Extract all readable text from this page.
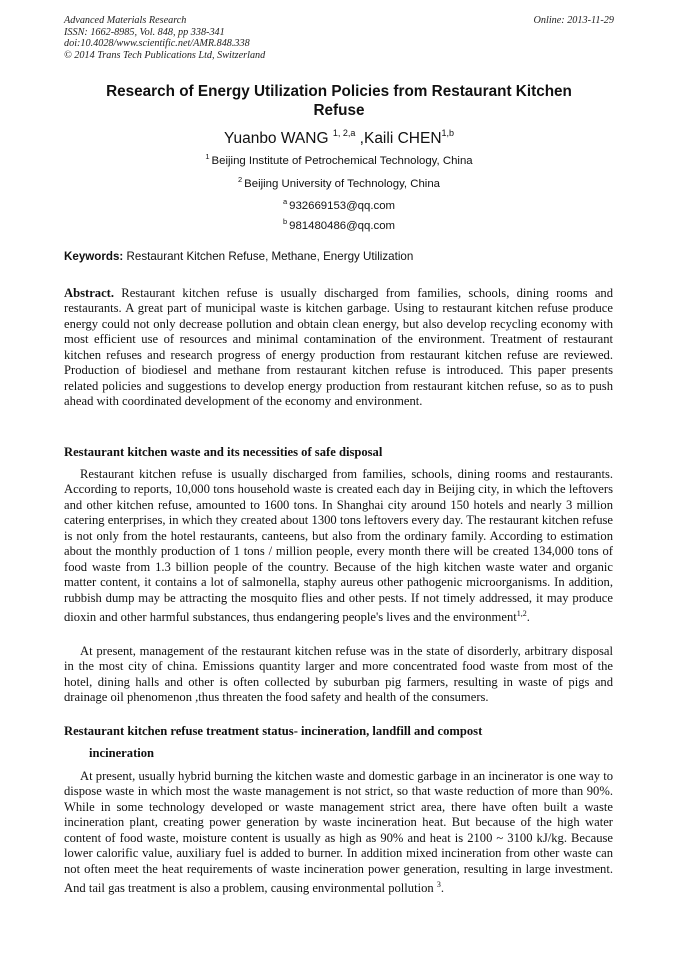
Advanced Materials Research
ISSN: 1662-8985, Vol. 848, pp 338-341
doi:10.4028/www.scientific.net/AMR.848.338
© 2014 Trans Tech Publications Ltd, Switzerland
Online: 2013-11-29
Research of Energy Utilization Policies from Restaurant Kitchen
Refuse
Yuanbo WANG $^{1, 2,a}$ ,Kaili CHEN$^{1,b}$
$^1$ Beijing Institute of Petrochemical Technology, China
$^2$ Beijing University of Technology, China
$^a$ 932669153@qq.com
$^b$ 981480486@qq.com
Keywords: Restaurant Kitchen Refuse, Methane, Energy Utilization
Abstract. Restaurant kitchen refuse is usually discharged from families, schools, dining rooms and restaurants. A great part of municipal waste is kitchen garbage. Using to restaurant kitchen refuse produce energy could not only decrease pollution and obtain clean energy, but also develop recycling economy with most efficient use of resources and minimal contamination of the environment. Treatment of restaurant kitchen refuses and research progress of energy production from restaurant kitchen refuse are reviewed. Production of biodiesel and methane from restaurant kitchen refuse is introduced. This paper presents related policies and suggestions to develop energy production from restaurant kitchen refuse, so as to push ahead with coordinated development of the economy and environment.
Restaurant kitchen waste and its necessities of safe disposal
Restaurant kitchen refuse is usually discharged from families, schools, dining rooms and restaurants. According to reports, 10,000 tons household waste is created each day in Beijing city, in which the leftovers and other kitchen refuse, amounted to 1600 tons. In Shanghai city around 150 hotels and nearly 3 million catering enterprises, in which they created about 1300 tons leftovers every day. The restaurant kitchen refuse is not only from the hotel restaurants, canteens, but also from the ordinary family. According to estimation about the monthly production of 1 tons / million people, every month there will be created 134,000 tons of food waste from 1.3 billion people of the country. Because of the high kitchen waste water and organic matter content, it contains a lot of salmonella, staphy aureus other pathogenic microorganisms. In addition, rubbish dump may be attracting the mosquito flies and other pests. If not timely addressed, it may produce dioxin and other harmful substances, thus endangering people's lives and the environment$^{1,2}$.
At present, management of the restaurant kitchen refuse was in the state of disorderly, arbitrary disposal in the most city of china. Emissions quantity larger and more concentrated food waste from most of the hotel, dining halls and other is often collected by suburban pig farmers, resulting in waste of pigs and drainage oil phenomenon ,thus threaten the food safety and health of the consumers.
Restaurant kitchen refuse treatment status- incineration, landfill and compost
incineration
At present, usually hybrid burning the kitchen waste and domestic garbage in an incinerator is one way to dispose waste in which most the waste management is not strict, so that waste reduction of more than 90%. While in some technology developed or waste management strict area, there have often built a waste incineration plant, creating power generation by waste incineration heat. But because of the high water content of food waste, moisture content is usually as high as 90% and heat is 2100 ~ 3100 kJ/kg. Because lower calorific value, auxiliary fuel is added to burner. In addition mixed incineration from other waste can not often meet the heat requirements of waste incineration power generation, resulting in large investment. And tail gas treatment is also a problem, causing environmental pollution $^3$.
